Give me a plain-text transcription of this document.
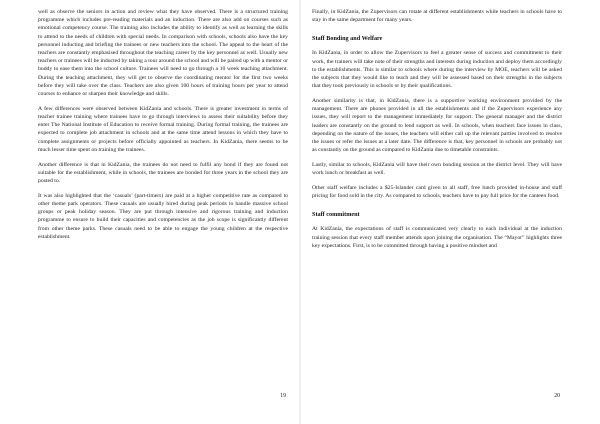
well as observe the seniors in action and review what they have observed. There is a structured training programme which includes pre-reading materials and an induction. There are also add on courses such as emotional competency course. The training also includes the ability to identify as well as learning the skills to attend to the needs of children with special needs. In comparison with schools, schools also have the key personnel inducting and briefing the trainees or new teachers into the school. The appeal to the heart of the teachers are constantly emphasised throughout the teaching career by the key personnel as well. Usually new teachers or trainees will be inducted by taking a tour around the school and will be paired up with a mentor or buddy to ease them into the school culture. Trainees will need to go through a 10 week teaching attachment. During the teaching attachment, they will get to observe the coordinating mentor for the first two weeks before they will take over the class. Teachers are also given 100 hours of training hours per year to attend courses to enhance or sharpen their knowledge and skills.

A few differences were observed between KidZania and schools. There is greater investment in terms of teacher trainee training where trainees have to go through interviews to assess their suitability before they enter The National Institute of Education to receive formal training. During formal training, the trainees are expected to complete job attachment in schools and at the same time attend lessons in which they have to complete assignments or projects before officially appointed as teachers. In KidZania, there seems to be much lesser time spent on training the trainees.

Another difference is that in KidZania, the trainees do not need to fulfil any bond if they are found not suitable for the establishment, while in schools, the trainees are bonded for three years in the school they are posted to.

It was also highlighted that the ‘casuals’ (part-timers) are paid at a higher competitive rate as compared to other theme park operators. These casuals are usually hired during peak periods to handle massive school groups or peak holiday season. They are put through intensive and rigorous training and induction programme to ensure to build their capacities and competencies as the job scope is significantly different from other theme parks. These casuals need to be able to engage the young children at the respective establishment.

19

Finally, in KidZania, the Zupervisors can rotate at different establishments while teachers in schools have to stay in the same department for many years.

Staff Bonding and Welfare

In KidZania, in order to allow the Zupervisors to feel a greater sense of success and commitment to their work, the trainers will take note of their strengths and interests during induction and deploy them accordingly to the establishments. This is similar to schools where during the interview by MOE, teachers will be asked the subjects that they would like to teach and they will be assessed based on their strengths in the subjects that they took previously in schools or by their qualifications.

Another similarity is that, in KidZania, there is a supportive working environment provided by the management. There are phones provided in all the establishments and if the Zupervisors experience any issues, they will report to the management immediately for support. The general manager and the district leaders are constantly on the ground to lend support as well. In schools, when teachers face issues in class, depending on the nature of the issues, the teachers will either call up the relevant parties involved to resolve the issues or refer the issues at a later date. The difference is that, key personnel in schools are probably not as constantly on the ground as compared to KidZania due to timetable constraints.

Lastly, similar to schools, KidZania will have their own bonding session at the district level. They will have work lunch or breakfast as well.

Other staff welfare includes a $25-Islander card given to all staff, free lunch provided in-house and staff pricing for food sold in the city. As compared to schools, teachers have to pay full price for the canteen food.

Staff commitment

At KidZania, the expectations of staff is communicated very clearly to each individual at the induction training session that every staff member attends upon joining the organisation. The “Mayor” highlights three key expectations. First, is to be committed through having a positive mindset and

20
